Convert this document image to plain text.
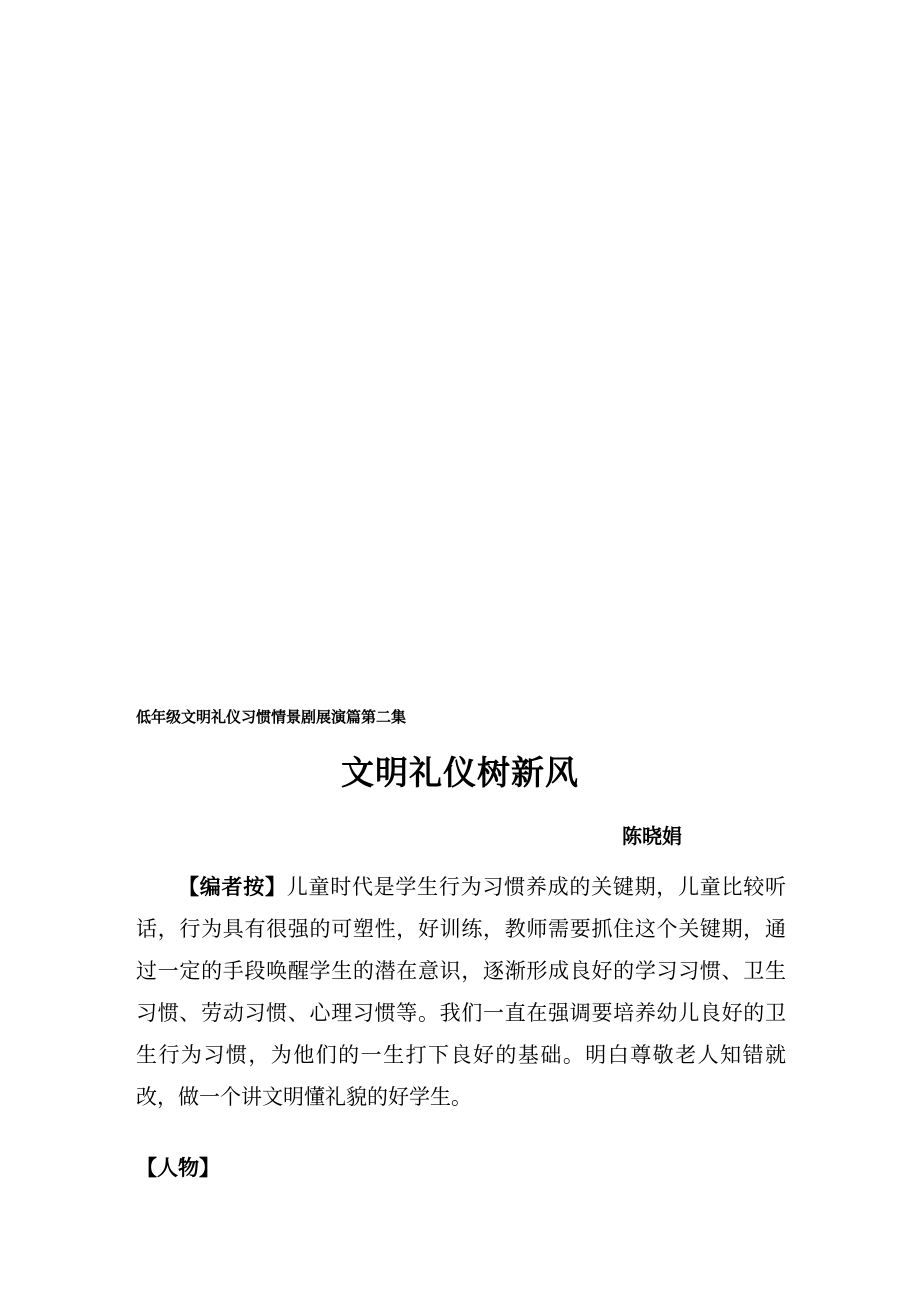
低年级文明礼仪习惯情景剧展演篇第二集
文明礼仪树新风
陈晓娟

【编者按】儿童时代是学生行为习惯养成的关键期，儿童比较听话，行为具有很强的可塑性，好训练，教师需要抓住这个关键期，通过一定的手段唤醒学生的潜在意识，逐渐形成良好的学习习惯、卫生习惯、劳动习惯、心理习惯等。我们一直在强调要培养幼儿良好的卫生行为习惯，为他们的一生打下良好的基础。明白尊敬老人知错就改，做一个讲文明懂礼貌的好学生。

【人物】
